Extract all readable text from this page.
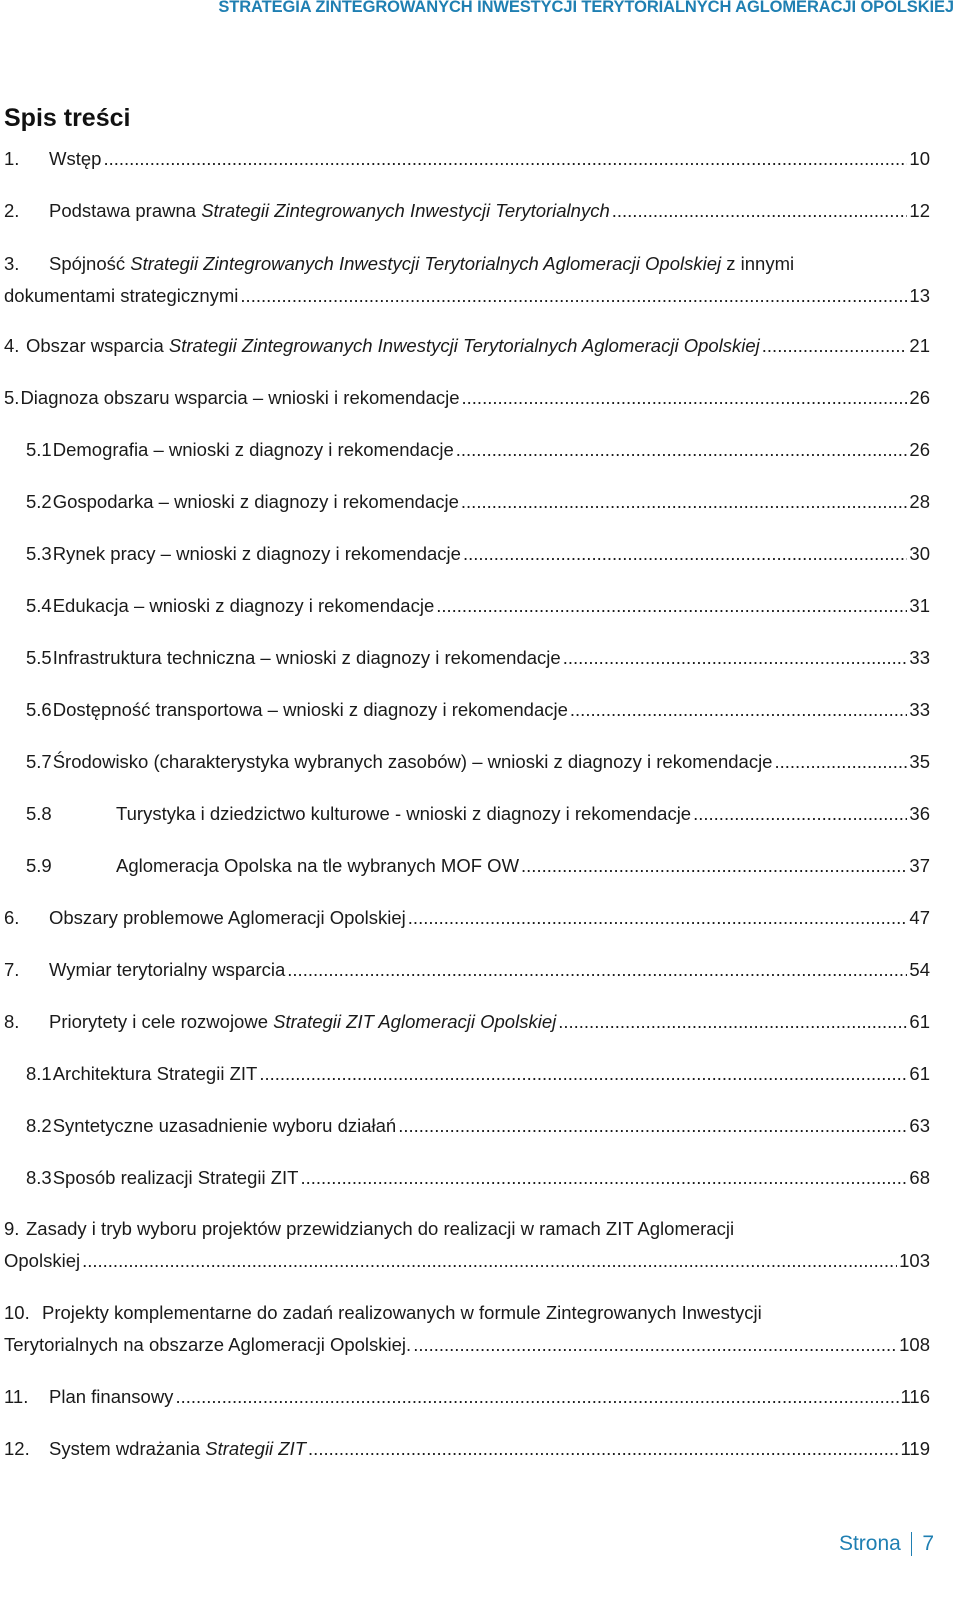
STRATEGIA ZINTEGROWANYCH INWESTYCJI TERYTORIALNYCH AGLOMERACJI OPOLSKIEJ
Spis treści
1.	Wstęp .....	10
2.	Podstawa prawna Strategii Zintegrowanych Inwestycji Terytorialnych .....	12
3. Spójność Strategii Zintegrowanych Inwestycji Terytorialnych Aglomeracji Opolskiej z innymi
dokumentami strategicznymi .....	13
4. Obszar wsparcia Strategii Zintegrowanych Inwestycji Terytorialnych Aglomeracji Opolskiej .....	21
5. Diagnoza obszaru wsparcia – wnioski i rekomendacje .....	26
5.1 Demografia – wnioski z diagnozy i rekomendacje .....	26
5.2 Gospodarka – wnioski z diagnozy i rekomendacje .....	28
5.3 Rynek pracy – wnioski z diagnozy i rekomendacje .....	30
5.4 Edukacja – wnioski z diagnozy i rekomendacje .....	31
5.5 Infrastruktura techniczna – wnioski z diagnozy i rekomendacje .....	33
5.6 Dostępność transportowa – wnioski z diagnozy i rekomendacje .....	33
5.7 Środowisko (charakterystyka wybranych zasobów) – wnioski z diagnozy i rekomendacje .....	35
5.8	Turystyka i dziedzictwo kulturowe - wnioski z diagnozy i rekomendacje .....	36
5.9	Aglomeracja Opolska na tle wybranych MOF OW .....	37
6.	Obszary problemowe Aglomeracji Opolskiej .....	47
7.	Wymiar terytorialny wsparcia .....	54
8.	Priorytety i cele rozwojowe Strategii ZIT Aglomeracji Opolskiej .....	61
8.1 Architektura Strategii ZIT .....	61
8.2 Syntetyczne uzasadnienie wyboru działań .....	63
8.3 Sposób realizacji Strategii ZIT .....	68
9. Zasady i tryb wyboru projektów przewidzianych do realizacji w ramach ZIT Aglomeracji
Opolskiej .....	103
10. Projekty komplementarne do zadań realizowanych w formule Zintegrowanych Inwestycji
Terytorialnych na obszarze Aglomeracji Opolskiej. .....	108
11.	Plan finansowy .....	116
12.	System wdrażania Strategii ZIT .....	119
Strona 7
